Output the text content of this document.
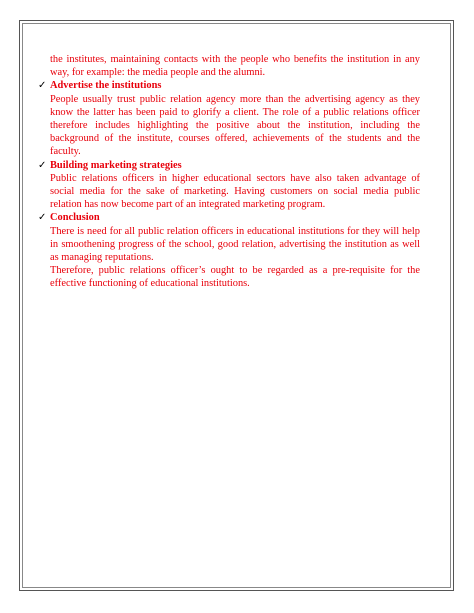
the institutes, maintaining contacts with the people who benefits the institution in any way, for example: the media people and the alumni.

✓ Advertise the institutions

People usually trust public relation agency more than the advertising agency as they know the latter has been paid to glorify a client. The role of a public relations officer therefore includes highlighting the positive about the institution, including the background of the institute, courses offered, achievements of the students and the faculty.

✓ Building marketing strategies

Public relations officers in higher educational sectors have also taken advantage of social media for the sake of marketing. Having customers on social media public relation has now become part of an integrated marketing program.

✓ Conclusion

There is need for all public relation officers in educational institutions for they will help in smoothening progress of the school, good relation, advertising the institution as well as managing reputations.

Therefore, public relations officer’s ought to be regarded as a pre-requisite for the effective functioning of educational institutions.
